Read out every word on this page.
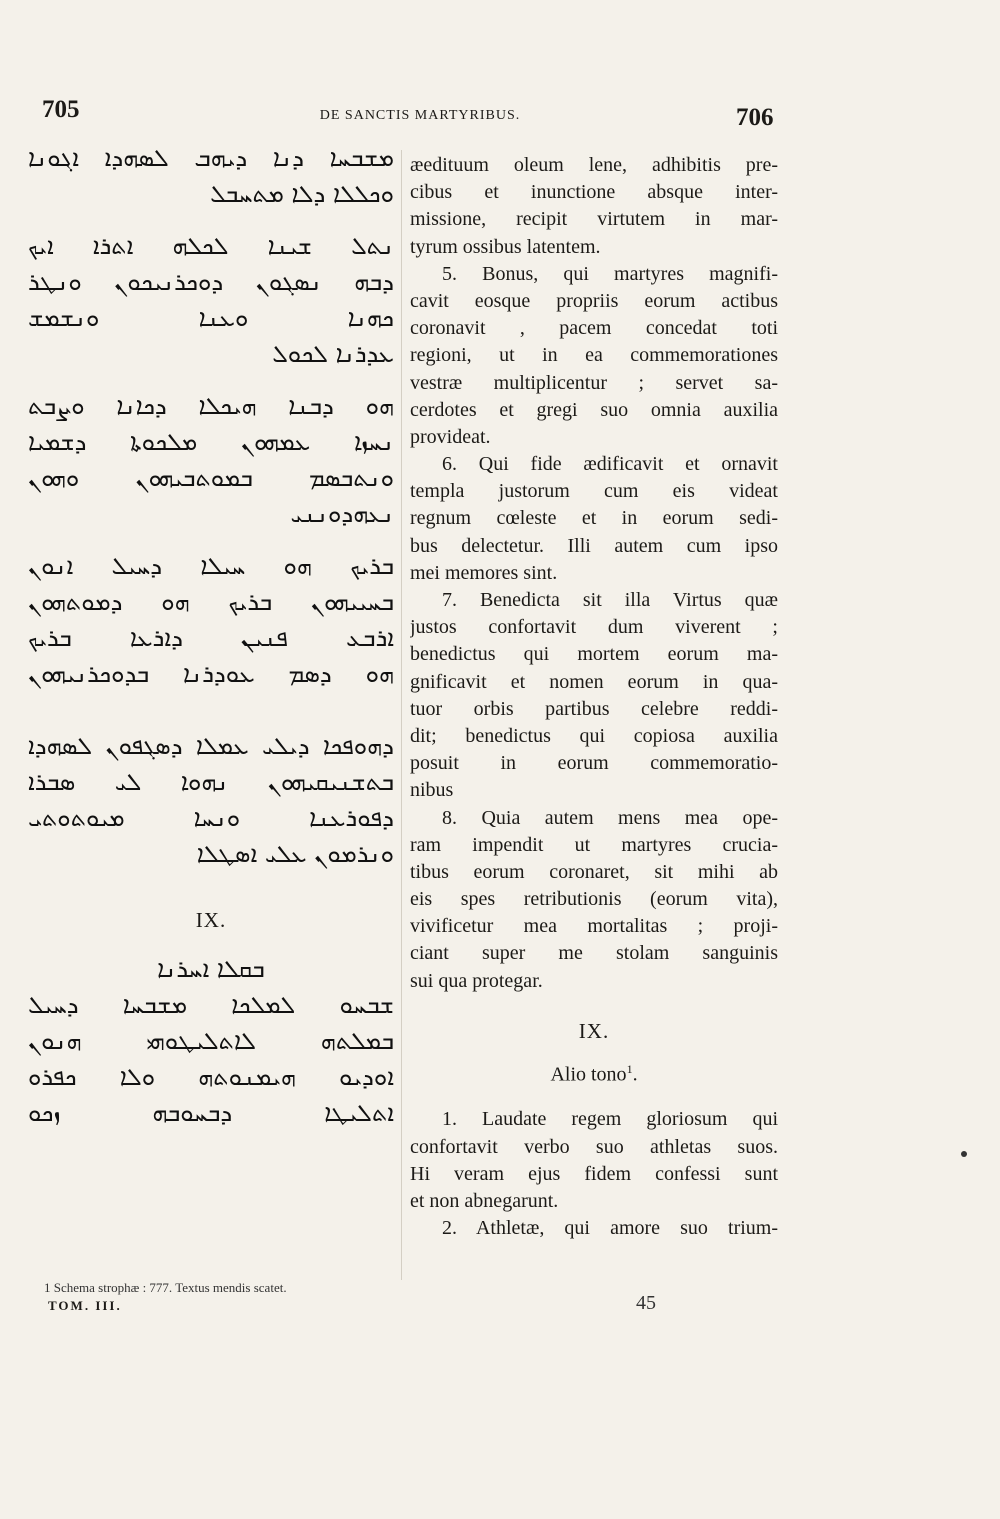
705	DE SANCTIS MARTYRIBUS.	706
ܡܫܒܚܐ ܕܢܐ ܕܝܗܒ ܠܣܗܕܐ ܐܓܘܢܐ
ܘܟܠܠܐ ܕܠܐ ܡܬܚܒܠ
ܢܬܠ ܫܝܢܐ ܠܟܠܗ ܐܬܪܐ ܐܝܟ
ܕܒܗ ܢܣܓܘܢ ܕܘܟܪܢܝܟܘܢ ܘܢܛܪ
ܟܗܢܐ ܘܥܢܐ ܘܢܫܡܫ
ܥܕܪܢܐ ܠܟܘܠ
ܗܘ ܕܒܢܐ ܗܝܟܠܐ ܕܟܐܢܐ ܘܨܒܬ
ܢܚܙܐ ܥܡܗܘܢ ܡܠܟܘܬܐ ܕܫܡܝܐ
ܘܢܬܒܣܡ ܒܡܘܬܒܝܗܘܢ ܘܗܘܢ
ܢܥܗܕܘܢܢܝ
ܒܪܝܟ ܗܘ ܚܝܠܐ ܕܚܝܠ ܐܢܘܢ
ܒܚܝܝܗܘܢ ܒܪܝܟ ܗܘ ܕܡܘܬܗܘܢ
ܐܪܒܥ ܦܢܝܢ ܕܐܪܥܐ ܒܪܝܟ
ܗܘ ܕܣܡ ܥܘܕܪܢܐ ܒܕܘܟܪܢܝܗܘܢ
ܕܗܘܦܟܐ ܕܝܠܝ ܥܡܠܐ ܕܣܓܦܘܢ ܠܣܗܕܐ
ܒܬܫܢܝܩܝܗܘܢ ܢܗܘܐ ܠܝ ܣܒܪܐ
ܕܦܘܪܥܢܐ ܘܢܚܐ ܡܝܘܬܘܬܝ
ܘܢܪܡܘܢ ܥܠܝ ܐܣܛܠܐ
IX.
ܒܩܠܐ ܐܚܪܢܐ
ܫܒܚܘ ܠܡܠܟܐ ܡܫܒܚܐ ܕܚܝܠ
ܒܡܠܬܗ ܠܐܬܠܝܛܘܗܝ ܗܢܘܢ
ܐܘܕܝܘ ܗܝܡܢܘܬܗ ܘܠܐ ܟܦܪܘ
ܐܬܠܝܛܐ ܕܒܚܘܒܗ ܙܟܘ
æedituum oleum lene, adhibitis pre-
cibus et inunctione absque inter-
missione, recipit virtutem in mar-
tyrum ossibus latentem.
5. Bonus, qui martyres magnifi-
cavit eosque propriis eorum actibus
coronavit , pacem concedat toti
regioni, ut in ea commemorationes
vestræ multiplicentur ; servet sa-
cerdotes et gregi suo omnia auxilia
provideat.
6. Qui fide ædificavit et ornavit
templa justorum cum eis videat
regnum cœleste et in eorum sedi-
bus delectetur. Illi autem cum ipso
mei memores sint.
7. Benedicta sit illa Virtus quæ
justos confortavit dum viverent ;
benedictus qui mortem eorum ma-
gnificavit et nomen eorum in qua-
tuor orbis partibus celebre reddi-
dit; benedictus qui copiosa auxilia
posuit in eorum commemoratio-
nibus
8. Quia autem mens mea ope-
ram impendit ut martyres crucia-
tibus eorum coronaret, sit mihi ab
eis spes retributionis (eorum vita),
vivificetur mea mortalitas ; proji-
ciant super me stolam sanguinis
sui qua protegar.
IX.
Alio tono$^1$.
1. Laudate regem gloriosum qui
confortavit verbo suo athletas suos.
Hi veram ejus fidem confessi sunt
et non abnegarunt.
2. Athletæ, qui amore suo trium-
1 Schema strophæ : 777. Textus mendis scatet.
TOM. III.	45
